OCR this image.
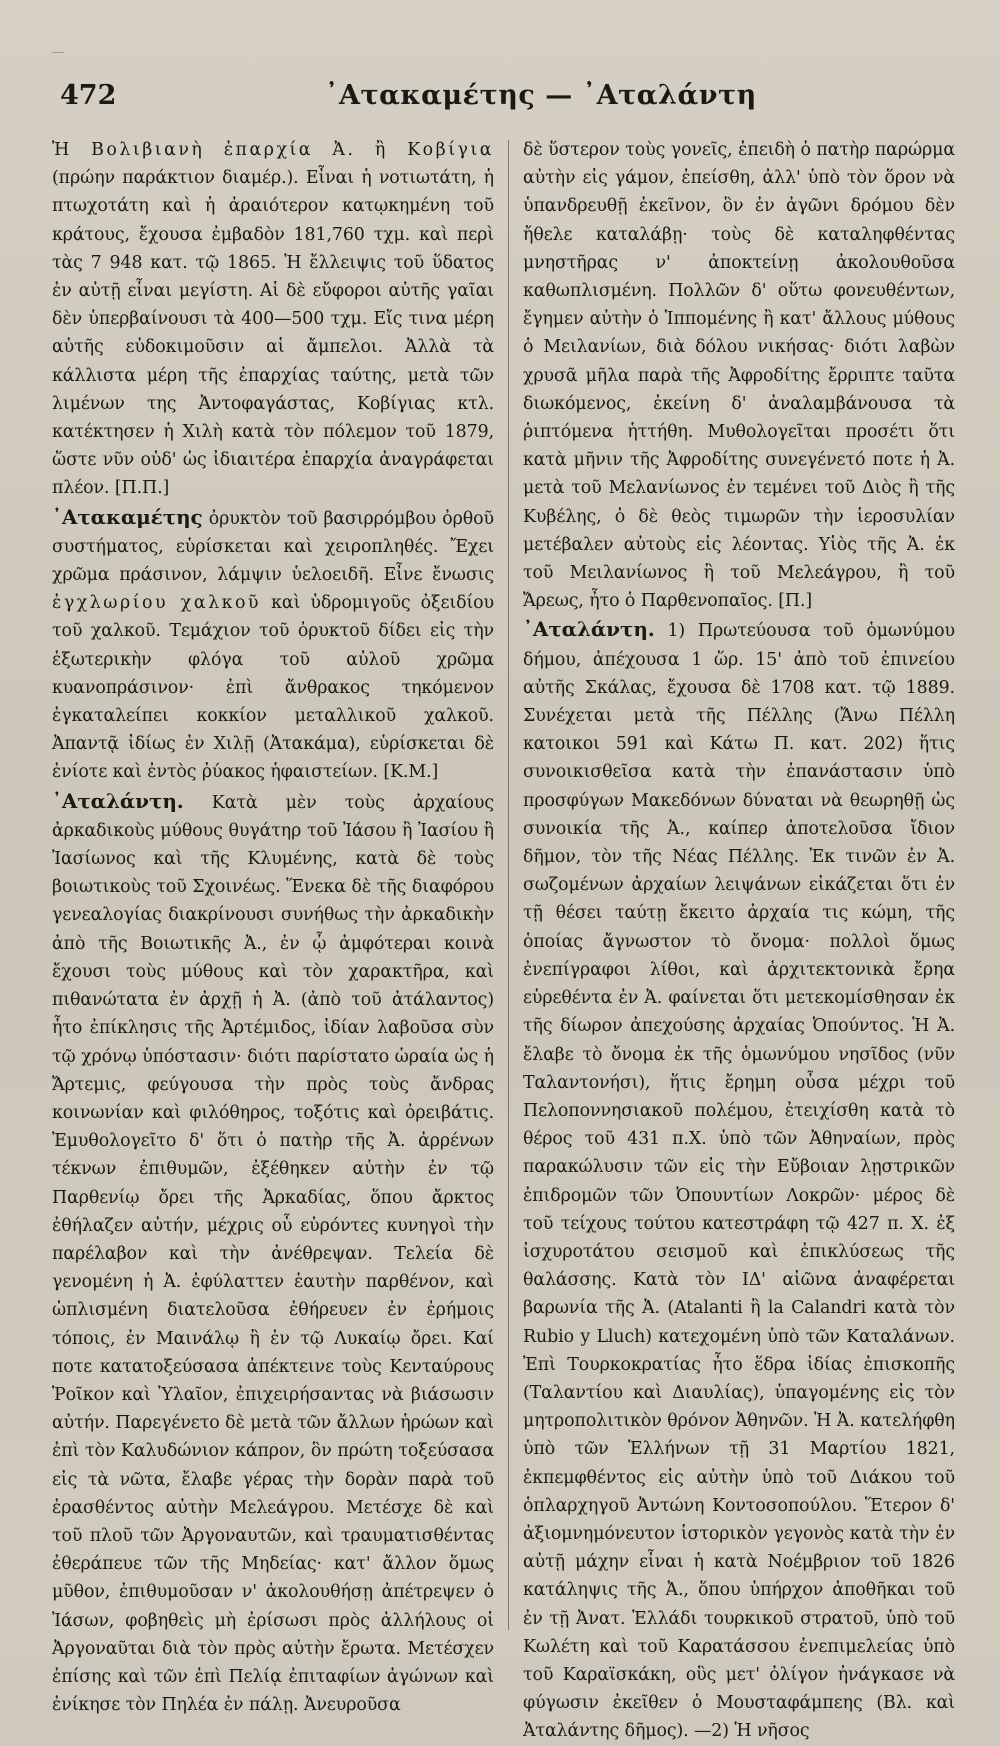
472	᾿Ατακαμέτης — ᾿Αταλάντη

Ἡ Βολιβιανὴ ἐπαρχία Ἀ. ἢ Κοβίγια (πρώην παράκτιον διαμέρ.). Εἶναι ἡ νοτιωτάτη, ἡ πτωχοτάτη καὶ ἡ ἀραιότερον κατῳκημένη τοῦ κράτους, ἔχουσα ἐμβαδὸν 181,760 τχμ. καὶ περὶ τὰς 7 948 κατ. τῷ 1865. Ἡ ἔλλειψις τοῦ ὕδατος ἐν αὐτῇ εἶναι μεγίστη. Αἱ δὲ εὔφοροι αὐτῆς γαῖαι δὲν ὑπερβαίνουσι τὰ 400—500 τχμ. Εἴς τινα μέρη αὐτῆς εὐδοκιμοῦσιν αἱ ἄμπελοι. Ἀλλὰ τὰ κάλλιστα μέρη τῆς ἐπαρχίας ταύτης, μετὰ τῶν λιμένων της Ἀντοφαγάστας, Κοβίγιας κτλ. κατέκτησεν ἡ Χιλὴ κατὰ τὸν πόλεμον τοῦ 1879, ὥστε νῦν οὐδ' ὡς ἰδιαιτέρα ἐπαρχία ἀναγράφεται πλέον. [Π.Π.]

᾿Ατακαμέτης ὀρυκτὸν τοῦ βασιρρόμβου ὀρθοῦ συστήματος, εὑρίσκεται καὶ χειροπληθές. Ἔχει χρῶμα πράσινον, λάμψιν ὑελοειδῆ. Εἶνε ἔνωσις ἐγχλωρίου χαλκοῦ καὶ ὑδρομιγοῦς ὀξειδίου τοῦ χαλκοῦ. Τεμάχιον τοῦ ὀρυκτοῦ δίδει εἰς τὴν ἐξωτερικὴν φλόγα τοῦ αὐλοῦ χρῶμα κυανοπράσινον· ἐπὶ ἄνθρακος τηκόμενον ἐγκαταλείπει κοκκίον μεταλλικοῦ χαλκοῦ. Ἀπαντᾷ ἰδίως ἐν Χιλῇ (Ἀτακάμα), εὑρίσκεται δὲ ἐνίοτε καὶ ἐντὸς ῥύακος ἡφαιστείων. [Κ.Μ.]

᾿Αταλάντη. Κατὰ μὲν τοὺς ἀρχαίους ἀρκαδικοὺς μύθους θυγάτηρ τοῦ Ἰάσου ἢ Ἰασίου ἢ Ἰασίωνος καὶ τῆς Κλυμένης, κατὰ δὲ τοὺς βοιωτικοὺς τοῦ Σχοινέως. Ἕνεκα δὲ τῆς διαφόρου γενεαλογίας διακρίνουσι συνήθως τὴν ἀρκαδικὴν ἀπὸ τῆς Βοιωτικῆς Ἀ., ἐν ᾧ ἀμφότεραι κοινὰ ἔχουσι τοὺς μύθους καὶ τὸν χαρακτῆρα, καὶ πιθανώτατα ἐν ἀρχῇ ἡ Ἀ. (ἀπὸ τοῦ ἀτάλαντος) ἦτο ἐπίκλησις τῆς Ἀρτέμιδος, ἰδίαν λαβοῦσα σὺν τῷ χρόνῳ ὑπόστασιν· διότι παρίστατο ὡραία ὡς ἡ Ἄρτεμις, φεύγουσα τὴν πρὸς τοὺς ἄνδρας κοινωνίαν καὶ φιλόθηρος, τοξότις καὶ ὀρειβάτις. Ἐμυθολογεῖτο δ' ὅτι ὁ πατὴρ τῆς Ἀ. ἀρρένων τέκνων ἐπιθυμῶν, ἐξέθηκεν αὐτὴν ἐν τῷ Παρθενίῳ ὄρει τῆς Ἀρκαδίας, ὅπου ἄρκτος ἐθήλαζεν αὐτήν, μέχρις οὗ εὑρόντες κυνηγοὶ τὴν παρέλαβον καὶ τὴν ἀνέθρεψαν. Τελεία δὲ γενομένη ἡ Ἀ. ἐφύλαττεν ἑαυτὴν παρθένον, καὶ ὡπλισμένη διατελοῦσα ἐθήρευεν ἐν ἐρήμοις τόποις, ἐν Μαινάλῳ ἢ ἐν τῷ Λυκαίῳ ὄρει. Καί ποτε κατατοξεύσασα ἀπέκτεινε τοὺς Κενταύρους Ῥοῖκον καὶ Ὑλαῖον, ἐπιχειρήσαντας νὰ βιάσωσιν αὐτήν. Παρεγένετο δὲ μετὰ τῶν ἄλλων ἡρώων καὶ ἐπὶ τὸν Καλυδώνιον κάπρον, ὃν πρώτη τοξεύσασα εἰς τὰ νῶτα, ἔλαβε γέρας τὴν δορὰν παρὰ τοῦ ἐρασθέντος αὐτὴν Μελεάγρου. Μετέσχε δὲ καὶ τοῦ πλοῦ τῶν Ἀργοναυτῶν, καὶ τραυματισθέντας ἐθεράπευε τῶν τῆς Μηδείας· κατ' ἄλλον ὅμως μῦθον, ἐπιθυμοῦσαν ν' ἀκολουθήσῃ ἀπέτρεψεν ὁ Ἰάσων, φοβηθεὶς μὴ ἐρίσωσι πρὸς ἀλλήλους οἱ Ἀργοναῦται διὰ τὸν πρὸς αὐτὴν ἔρωτα. Μετέσχεν ἐπίσης καὶ τῶν ἐπὶ Πελίᾳ ἐπιταφίων ἀγώνων καὶ ἐνίκησε τὸν Πηλέα ἐν πάλῃ. Ἀνευροῦσα

δὲ ὕστερον τοὺς γονεῖς, ἐπειδὴ ὁ πατὴρ παρώρμα αὐτὴν εἰς γάμον, ἐπείσθη, ἀλλ' ὑπὸ τὸν ὅρον νὰ ὑπανδρευθῇ ἐκεῖνον, ὃν ἐν ἀγῶνι δρόμου δὲν ἤθελε καταλάβῃ· τοὺς δὲ καταληφθέντας μνηστῆρας ν' ἀποκτείνῃ ἀκολουθοῦσα καθωπλισμένη. Πολλῶν δ' οὕτω φονευθέντων, ἔγημεν αὐτὴν ὁ Ἱππομένης ἢ κατ' ἄλλους μύθους ὁ Μειλανίων, διὰ δόλου νικήσας· διότι λαβὼν χρυσᾶ μῆλα παρὰ τῆς Ἀφροδίτης ἔρριπτε ταῦτα διωκόμενος, ἐκείνη δ' ἀναλαμβάνουσα τὰ ῥιπτόμενα ἡττήθη. Μυθολογεῖται προσέτι ὅτι κατὰ μῆνιν τῆς Ἀφροδίτης συνεγένετό ποτε ἡ Ἀ. μετὰ τοῦ Μελανίωνος ἐν τεμένει τοῦ Διὸς ἢ τῆς Κυβέλης, ὁ δὲ θεὸς τιμωρῶν τὴν ἱεροσυλίαν μετέβαλεν αὐτοὺς εἰς λέοντας. Υἱὸς τῆς Ἀ. ἐκ τοῦ Μειλανίωνος ἢ τοῦ Μελεάγρου, ἢ τοῦ Ἄρεως, ἦτο ὁ Παρθενοπαῖος. [Π.]

᾿Αταλάντη. 1) Πρωτεύουσα τοῦ ὁμωνύμου δήμου, ἀπέχουσα 1 ὥρ. 15' ἀπὸ τοῦ ἐπινείου αὐτῆς Σκάλας, ἔχουσα δὲ 1708 κατ. τῷ 1889. Συνέχεται μετὰ τῆς Πέλλης (Ἄνω Πέλλη κατοικοι 591 καὶ Κάτω Π. κατ. 202) ἥτις συνοικισθεῖσα κατὰ τὴν ἐπανάστασιν ὑπὸ προσφύγων Μακεδόνων δύναται νὰ θεωρηθῇ ὡς συνοικία τῆς Ἀ., καίπερ ἀποτελοῦσα ἴδιον δῆμον, τὸν τῆς Νέας Πέλλης. Ἐκ τινῶν ἐν Ἀ. σωζομένων ἀρχαίων λειψάνων εἰκάζεται ὅτι ἐν τῇ θέσει ταύτῃ ἔκειτο ἀρχαία τις κώμη, τῆς ὁποίας ἄγνωστον τὸ ὄνομα· πολλοὶ ὅμως ἐνεπίγραφοι λίθοι, καὶ ἀρχιτεκτονικὰ ἔρηα εὑρεθέντα ἐν Ἀ. φαίνεται ὅτι μετεκομίσθησαν ἐκ τῆς δίωρον ἀπεχούσης ἀρχαίας Ὀπούντος. Ἡ Ἀ. ἔλαβε τὸ ὄνομα ἐκ τῆς ὁμωνύμου νησῖδος (νῦν Ταλαντονήσι), ἥτις ἔρημη οὖσα μέχρι τοῦ Πελοποννησιακοῦ πολέμου, ἐτειχίσθη κατὰ τὸ θέρος τοῦ 431 π.Χ. ὑπὸ τῶν Ἀθηναίων, πρὸς παρακώλυσιν τῶν εἰς τὴν Εὔβοιαν λῃστρικῶν ἐπιδρομῶν τῶν Ὀπουντίων Λοκρῶν· μέρος δὲ τοῦ τείχους τούτου κατεστράφη τῷ 427 π. Χ. ἐξ ἰσχυροτάτου σεισμοῦ καὶ ἐπικλύσεως τῆς θαλάσσης. Κατὰ τὸν ΙΔ' αἰῶνα ἀναφέρεται βαρωνία τῆς Ἀ. (Atalanti ἢ la Calandri κατὰ τὸν Rubio y Lluch) κατεχομένη ὑπὸ τῶν Καταλάνων. Ἐπὶ Τουρκοκρατίας ἦτο ἕδρα ἰδίας ἐπισκοπῆς (Ταλαντίου καὶ Διαυλίας), ὑπαγομένης εἰς τὸν μητροπολιτικὸν θρόνον Ἀθηνῶν. Ἡ Ἀ. κατελήφθη ὑπὸ τῶν Ἑλλήνων τῇ 31 Μαρτίου 1821, ἐκπεμφθέντος εἰς αὐτὴν ὑπὸ τοῦ Διάκου τοῦ ὁπλαρχηγοῦ Ἀντώνη Κοντοσοπούλου. Ἕτερον δ' ἀξιομνημόνευτον ἱστορικὸν γεγονὸς κατὰ τὴν ἐν αὐτῇ μάχην εἶναι ἡ κατὰ Νοέμβριον τοῦ 1826 κατάληψις τῆς Ἀ., ὅπου ὑπήρχον ἀποθῆκαι τοῦ ἐν τῇ Ἀνατ. Ἑλλάδι τουρκικοῦ στρατοῦ, ὑπὸ τοῦ Κωλέτη καὶ τοῦ Καρατάσσου ἐνεπιμελείας ὑπὸ τοῦ Καραϊσκάκη, οὓς μετ' ὀλίγον ἠνάγκασε νὰ φύγωσιν ἐκεῖθεν ὁ Μουσταφάμπεης (Βλ. καὶ Ἀταλάντης δῆμος). —2) Ἡ νῆσος
